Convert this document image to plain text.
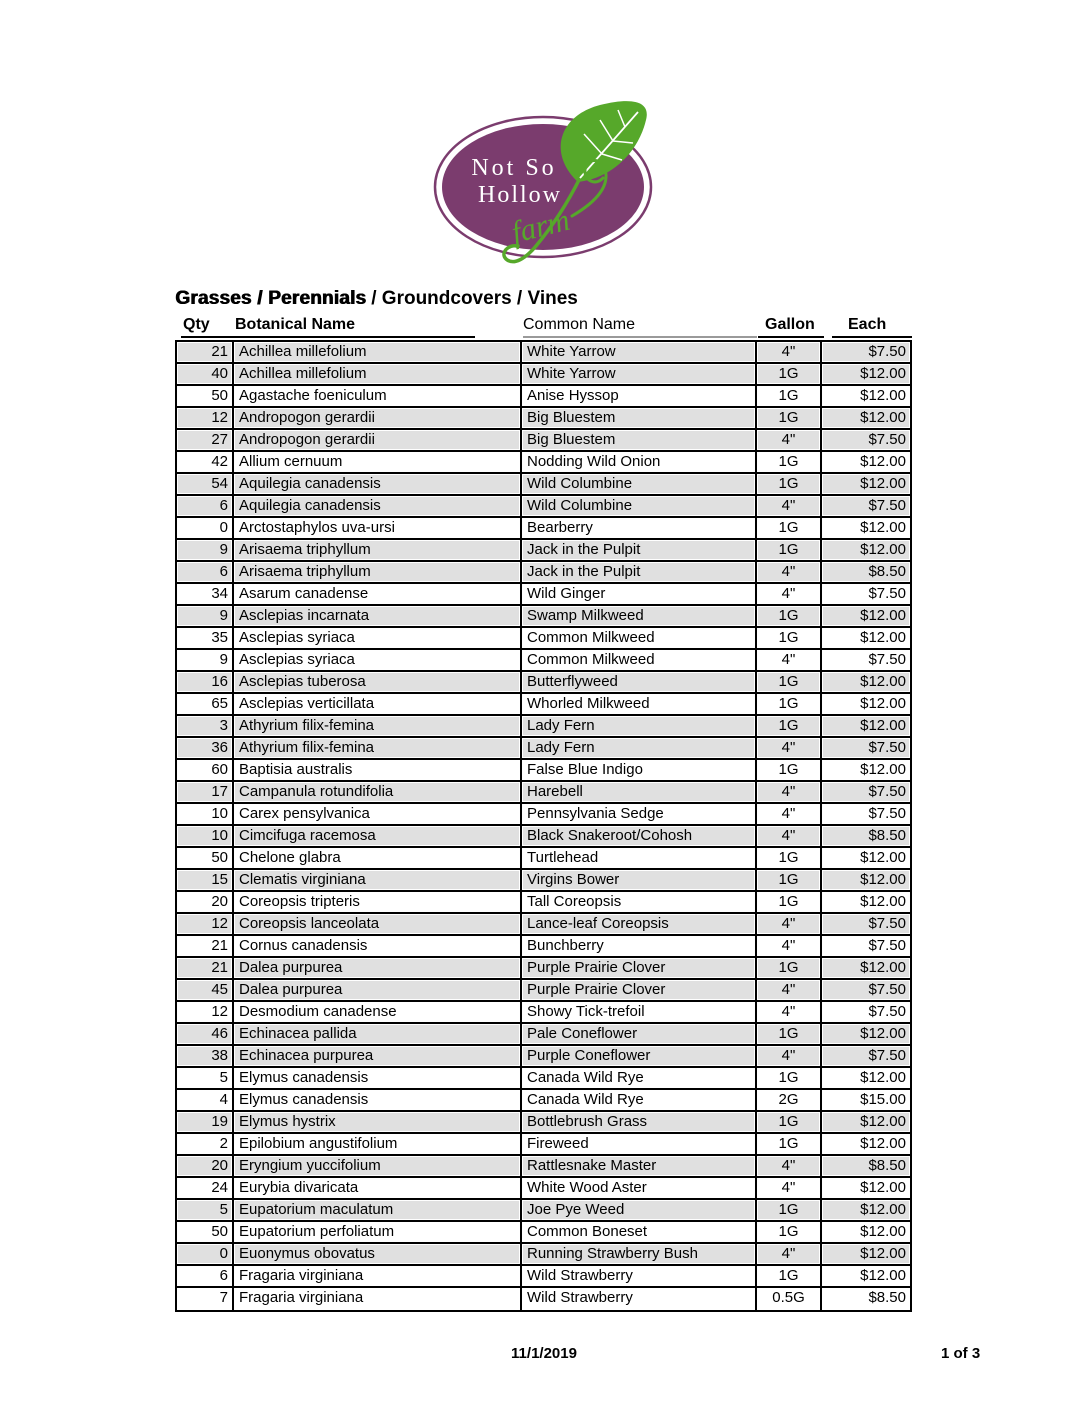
Not So
Hollow
farm
Grasses / Perennials / Groundcovers / Vines
Qty Botanical Name	Common Name	Gallon Each
21 Achillea millefolium	White Yarrow	4"	$7.50
40 Achillea millefolium	White Yarrow	1G	$12.00
50 Agastache foeniculum	Anise Hyssop	1G	$12.00
12 Andropogon gerardii	Big Bluestem	1G	$12.00
27 Andropogon gerardii	Big Bluestem	4"	$7.50
42 Allium cernuum	Nodding Wild Onion	1G	$12.00
54 Aquilegia canadensis	Wild Columbine	1G	$12.00
6 Aquilegia canadensis	Wild Columbine	4"	$7.50
0 Arctostaphylos uva-ursi	Bearberry	1G	$12.00
9 Arisaema triphyllum	Jack in the Pulpit	1G	$12.00
6 Arisaema triphyllum	Jack in the Pulpit	4"	$8.50
34 Asarum canadense	Wild Ginger	4"	$7.50
9 Asclepias incarnata	Swamp Milkweed	1G	$12.00
35 Asclepias syriaca	Common Milkweed	1G	$12.00
9 Asclepias syriaca	Common Milkweed	4"	$7.50
16 Asclepias tuberosa	Butterflyweed	1G	$12.00
65 Asclepias verticillata	Whorled Milkweed	1G	$12.00
3 Athyrium filix-femina	Lady Fern	1G	$12.00
36 Athyrium filix-femina	Lady Fern	4"	$7.50
60 Baptisia australis	False Blue Indigo	1G	$12.00
17 Campanula rotundifolia	Harebell	4"	$7.50
10 Carex pensylvanica	Pennsylvania Sedge	4"	$7.50
10 Cimcifuga racemosa	Black Snakeroot/Cohosh	4"	$8.50
50 Chelone glabra	Turtlehead	1G	$12.00
15 Clematis virginiana	Virgins Bower	1G	$12.00
20 Coreopsis tripteris	Tall Coreopsis	1G	$12.00
12 Coreopsis lanceolata	Lance-leaf Coreopsis	4"	$7.50
21 Cornus canadensis	Bunchberry	4"	$7.50
21 Dalea purpurea	Purple Prairie Clover	1G	$12.00
45 Dalea purpurea	Purple Prairie Clover	4"	$7.50
12 Desmodium canadense	Showy Tick-trefoil	4"	$7.50
46 Echinacea pallida	Pale Coneflower	1G	$12.00
38 Echinacea purpurea	Purple Coneflower	4"	$7.50
5 Elymus canadensis	Canada Wild Rye	1G	$12.00
4 Elymus canadensis	Canada Wild Rye	2G	$15.00
19 Elymus hystrix	Bottlebrush Grass	1G	$12.00
2 Epilobium angustifolium	Fireweed	1G	$12.00
20 Eryngium yuccifolium	Rattlesnake Master	4"	$8.50
24 Eurybia divaricata	White Wood Aster	4"	$12.00
5 Eupatorium maculatum	Joe Pye Weed	1G	$12.00
50 Eupatorium perfoliatum	Common Boneset	1G	$12.00
0 Euonymus obovatus	Running Strawberry Bush	4"	$12.00
6 Fragaria virginiana	Wild Strawberry	1G	$12.00
7 Fragaria virginiana	Wild Strawberry	0.5G	$8.50
11/1/2019	1 of 3
